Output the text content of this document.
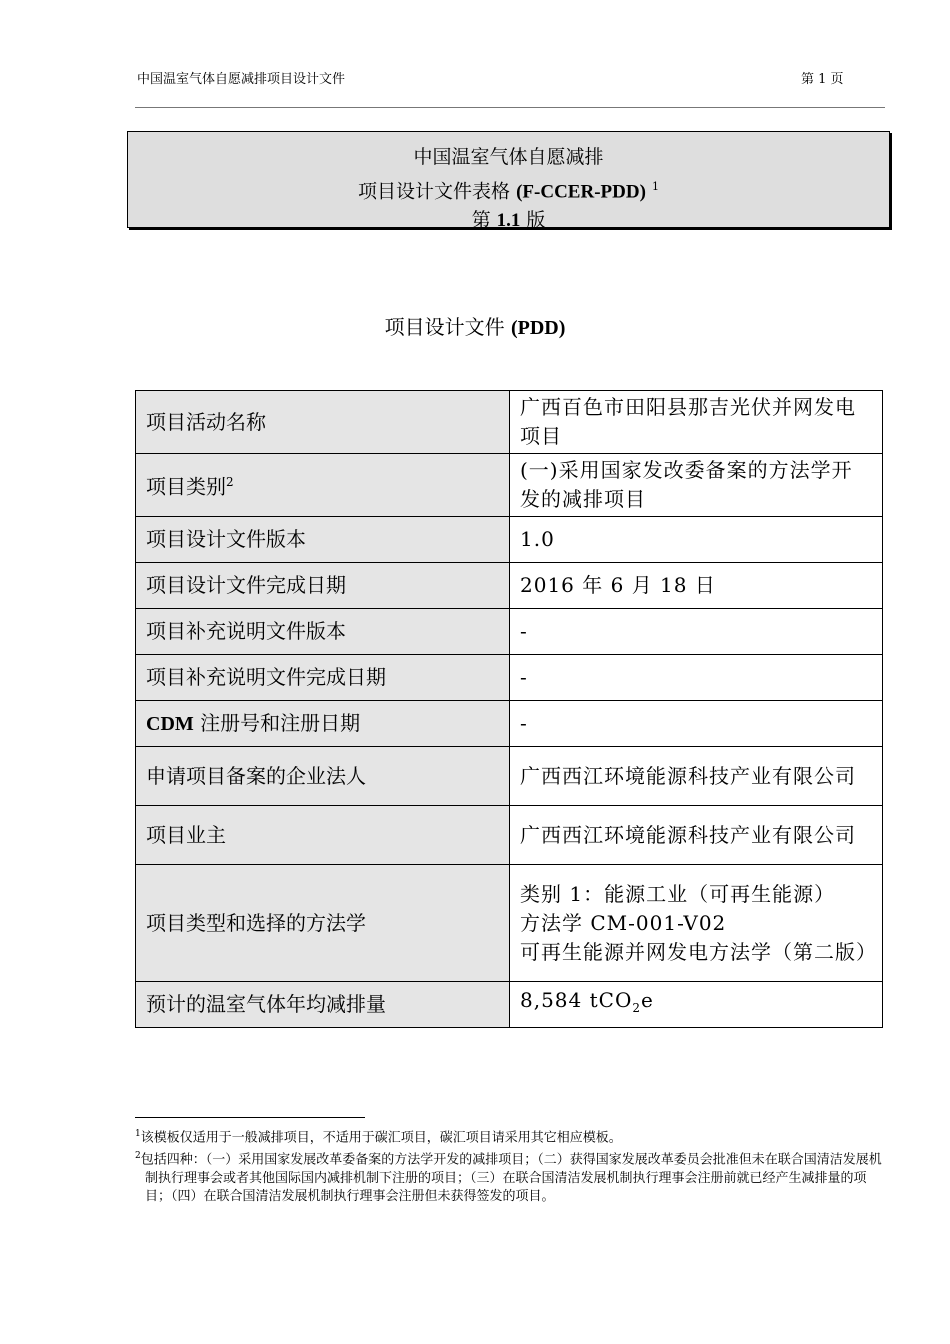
中国温室气体自愿减排项目设计文件	第 1 页
中国温室气体自愿减排
项目设计文件表格 (F-CCER-PDD) $^1$
第 1.1 版
项目设计文件 (PDD)
项目活动名称	广西百色市田阳县那吉光伏并网发电项目
项目类别$^2$	(一)采用国家发改委备案的方法学开发的减排项目
项目设计文件版本	1.0
项目设计文件完成日期	2016 年 6 月 18 日
项目补充说明文件版本	-
项目补充说明文件完成日期	-
CDM 注册号和注册日期	-
申请项目备案的企业法人	广西西江环境能源科技产业有限公司
项目业主	广西西江环境能源科技产业有限公司
项目类型和选择的方法学	类别 1：能源工业（可再生能源）
方法学 CM-001-V02
可再生能源并网发电方法学（第二版）

预计的温室气体年均减排量	8,584 tCO$_2$e
$^1$该模板仅适用于一般减排项目，不适用于碳汇项目，碳汇项目请采用其它相应模板。
$^2$包括四种：（一）采用国家发展改革委备案的方法学开发的减排项目；（二）获得国家发展改革委员会批准但未在联合国清洁发展机制执行理事会或者其他国际国内减排机制下注册的项目；（三）在联合国清洁发展机制执行理事会注册前就已经产生减排量的项目；（四）在联合国清洁发展机制执行理事会注册但未获得签发的项目。
